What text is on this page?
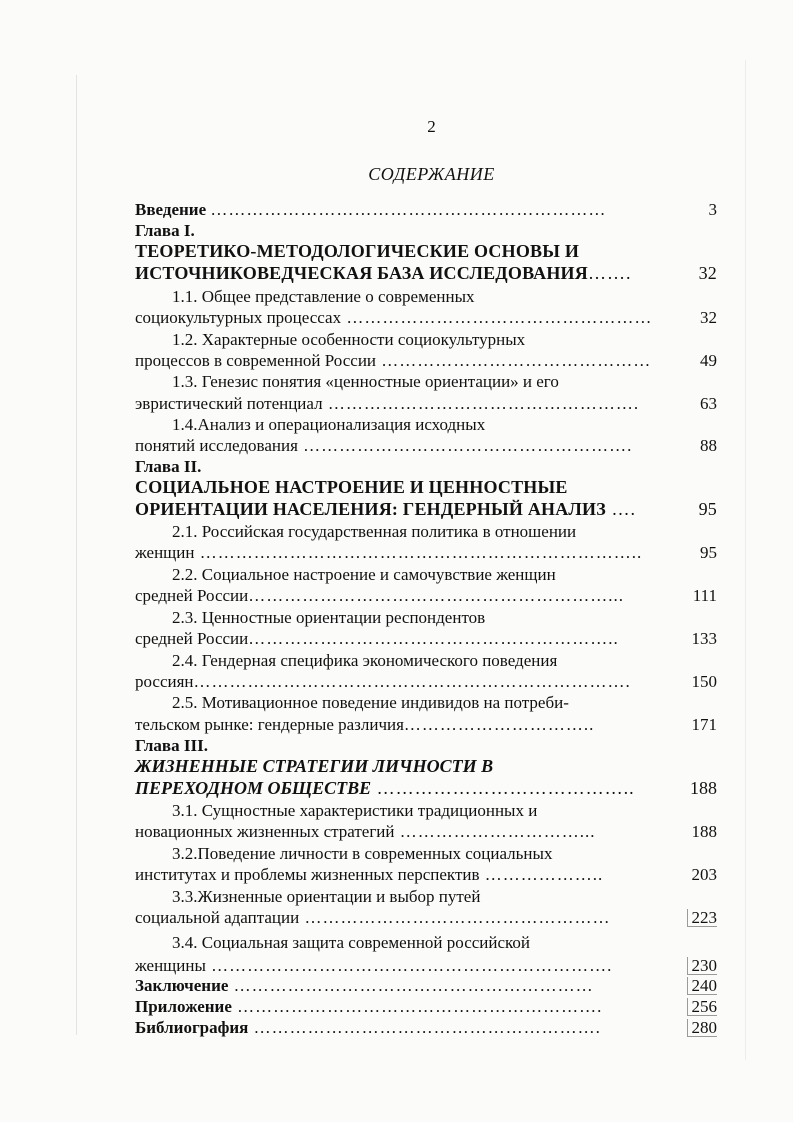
2
СОДЕРЖАНИЕ
Введение …………………………………………………………	3
Глава I.
ТЕОРЕТИКО-МЕТОДОЛОГИЧЕСКИЕ ОСНОВЫ И
ИСТОЧНИКОВЕДЧЕСКАЯ БАЗА ИССЛЕДОВАНИЯ…….	32
1.1. Общее представление о современных
социокультурных процессах ……………………………………………	32
1.2. Характерные особенности социокультурных
процессов в современной России ………………………………………	49
1.3. Генезис понятия «ценностные ориентации» и его
эвристический потенциал …………………………………………….	63
1.4.Анализ и операционализация исходных
понятий исследования ……………………………………………….	88
Глава II.
СОЦИАЛЬНОЕ НАСТРОЕНИЕ И ЦЕННОСТНЫЕ
ОРИЕНТАЦИИ НАСЕЛЕНИЯ: ГЕНДЕРНЫЙ АНАЛИЗ ….	95
2.1. Российская государственная политика в отношении
женщин ………………………………………………………………..	95
2.2. Социальное настроение и самочувствие женщин
средней России……………………………………………………...	111
2.3. Ценностные ориентации респондентов
средней России……………………………………………………..	133
2.4. Гендерная специфика экономического поведения
россиян……………………………………………………………….	150
2.5. Мотивационное поведение индивидов на потреби-
тельском рынке: гендерные различия…………………………..	171
Глава III.
ЖИЗНЕННЫЕ СТРАТЕГИИ ЛИЧНОСТИ В
ПЕРЕХОДНОМ ОБЩЕСТВЕ …………………………………..	188
3.1. Сущностные характеристики традиционных и
новационных жизненных стратегий …………………………...	188
3.2.Поведение личности в современных социальных
институтах и проблемы жизненных перспектив ………………..	203
3.3.Жизненные ориентации и выбор путей
социальной адаптации ……………………………………………	223
3.4. Социальная защита современной российской
женщины ………………………………………………………….	230
Заключение ……………………………………………………	240
Приложение …………………………………………………….	256
Библиография ………………………………………………….	280
